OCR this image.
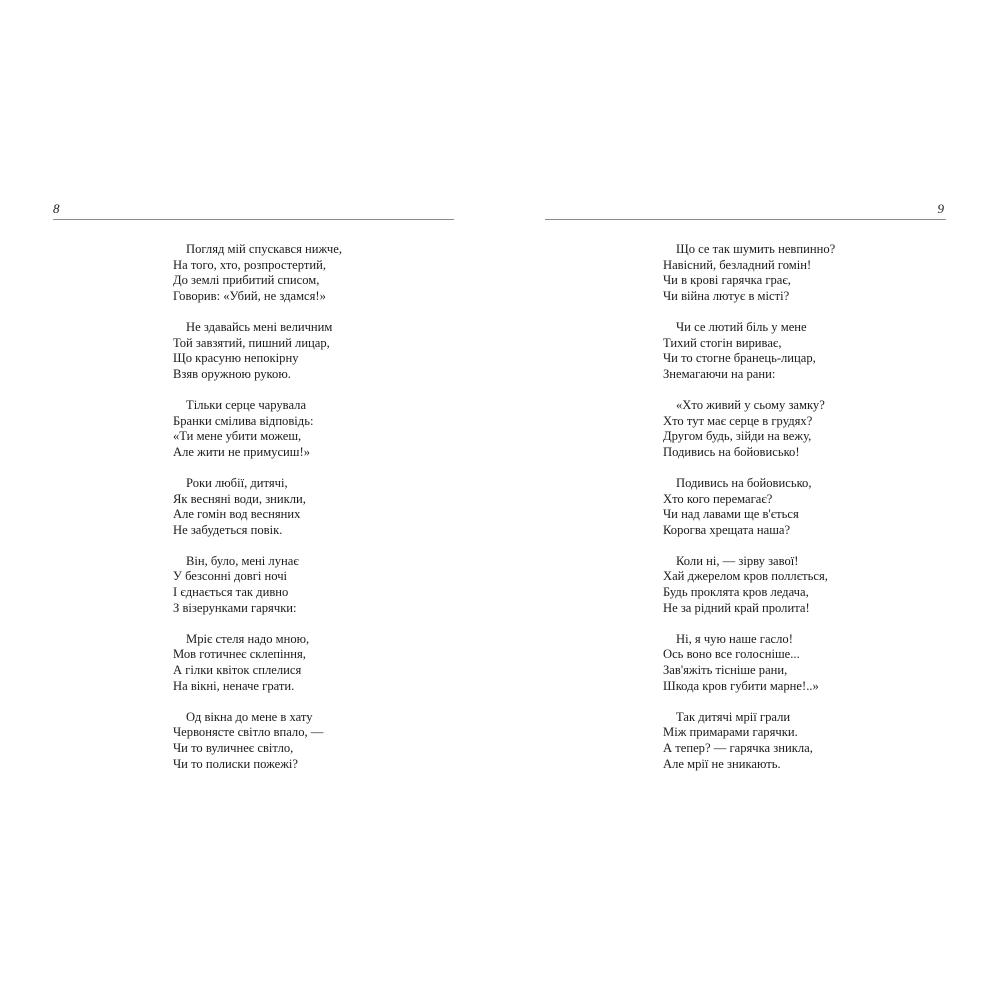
8
Погляд мій спускався нижче,
На того, хто, розпростертий,
До землі прибитий списом,
Говорив: «Убий, не здамся!»
Не здавайсь мені величним
Той завзятий, пишний лицар,
Що красуню непокірну
Взяв оружною рукою.
Тільки серце чарувала
Бранки смілива відповідь:
«Ти мене убити можеш,
Але жити не примусиш!»
Роки любії, дитячі,
Як весняні води, зникли,
Але гомін вод весняних
Не забудеться повік.
Він, було, мені лунає
У безсонні довгі ночі
І єднається так дивно
З візерунками гарячки:
Мріє стеля надо мною,
Мов готичнеє склепіння,
А гілки квіток сплелися
На вікні, неначе грати.
Од вікна до мене в хату
Червонясте світло впало, —
Чи то вуличнеє світло,
Чи то полиски пожежі?
9
Що се так шумить невпинно?
Навісний, безладний гомін!
Чи в крові гарячка грає,
Чи війна лютує в місті?
Чи се лютий біль у мене
Тихий стогін вириває,
Чи то стогне бранець-лицар,
Знемагаючи на рани:
«Хто живий у сьому замку?
Хто тут має серце в грудях?
Другом будь, зійди на вежу,
Подивись на бойовисько!
Подивись на бойовисько,
Хто кого перемагає?
Чи над лавами ще в'ється
Корогва хрещата наша?
Коли ні, — зірву завої!
Хай джерелом кров поллється,
Будь проклята кров ледача,
Не за рідний край пролита!
Ні, я чую наше гасло!
Ось воно все голосніше...
Зав'яжіть тісніше рани,
Шкода кров губити марне!..»
Так дитячі мрії грали
Між примарами гарячки.
А тепер? — гарячка зникла,
Але мрії не зникають.
